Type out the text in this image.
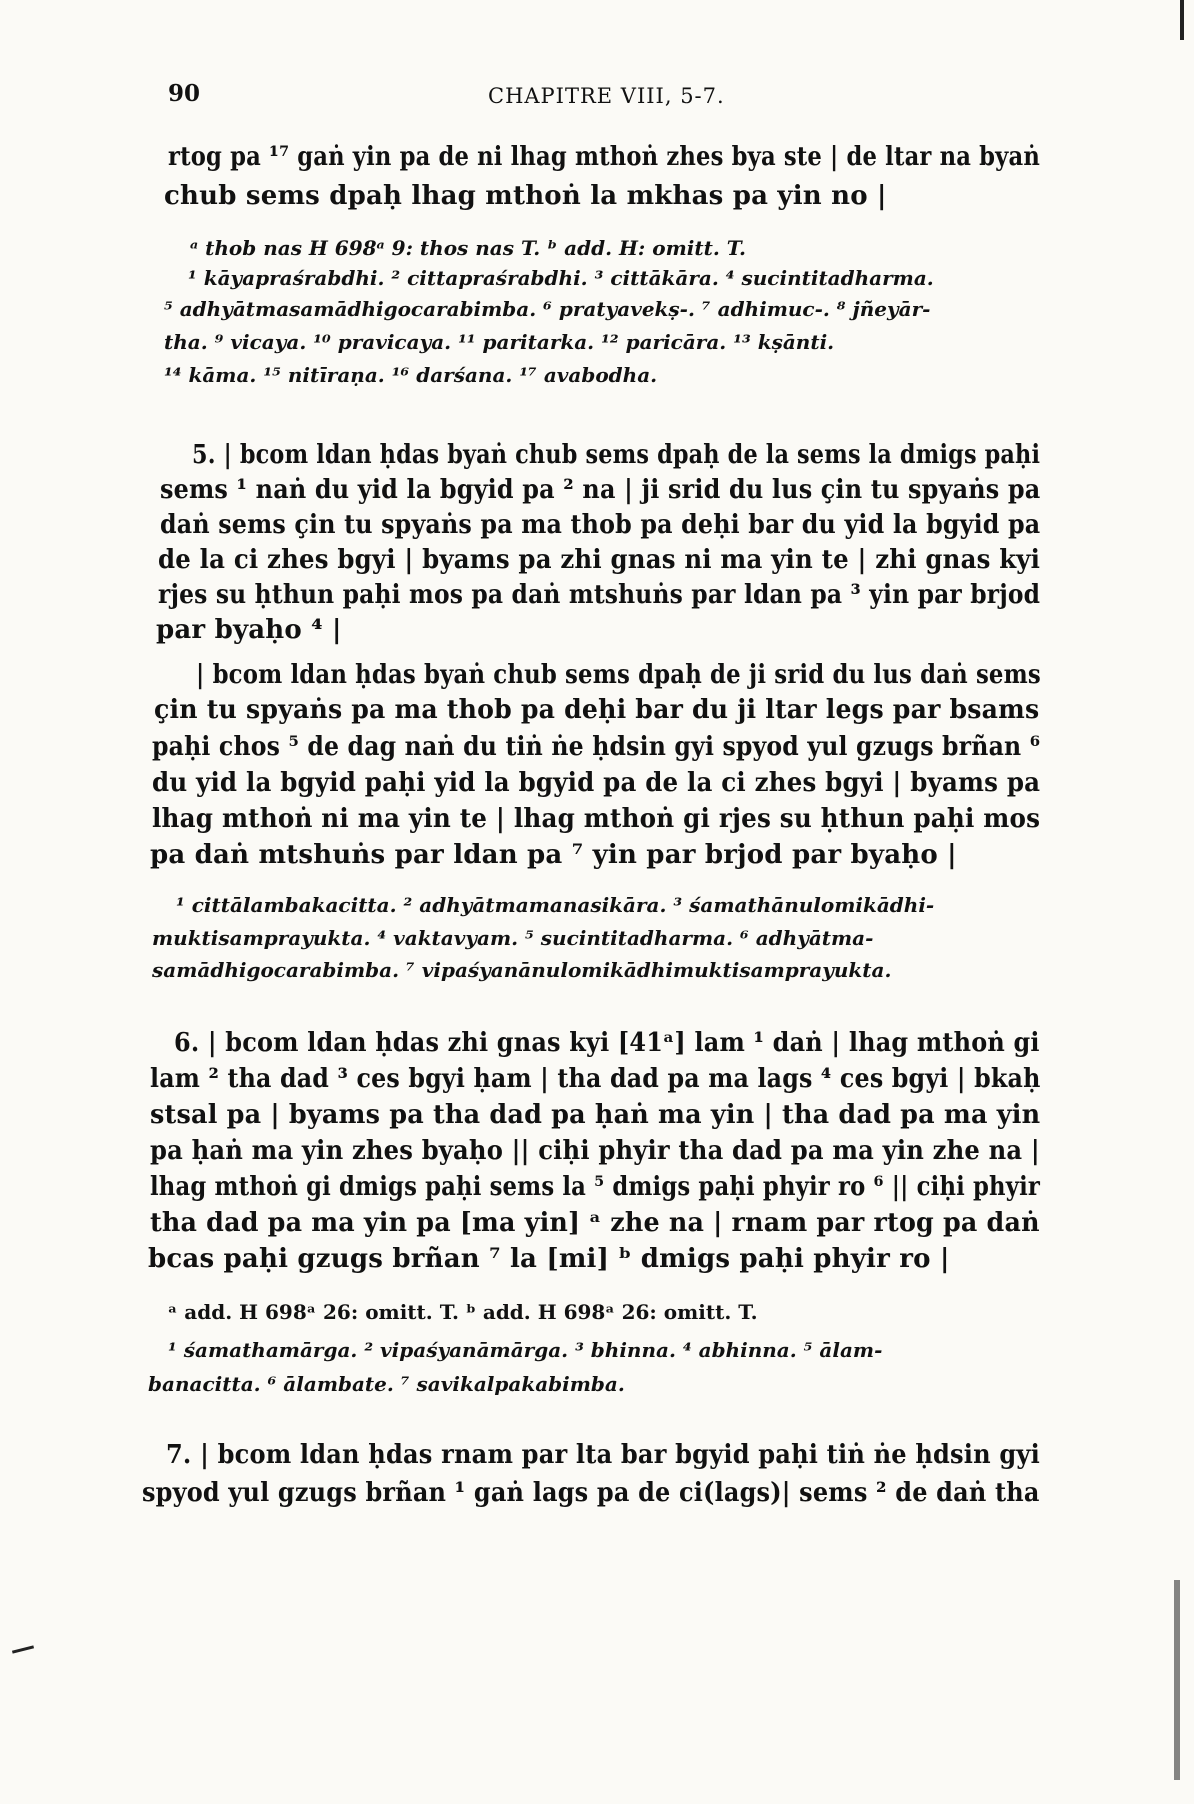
90	CHAPITRE VIII, 5-7.
rtog pa ¹⁷ gaṅ yin pa de ni lhag mthoṅ zhes bya ste | de ltar na byaṅ
chub sems dpaḥ lhag mthoṅ la mkhas pa yin no |
ᵃ thob nas H 698ᵃ 9: thos nas T. ᵇ add. H: omitt. T.
¹ kāyapraśrabdhi. ² cittapraśrabdhi. ³ cittākāra. ⁴ sucintitadharma.
⁵ adhyātmasamādhigocarabimba. ⁶ pratyavekṣ-. ⁷ adhimuc-. ⁸ jñeyār-
tha. ⁹ vicaya. ¹⁰ pravicaya. ¹¹ paritarka. ¹² paricāra. ¹³ kṣānti.
¹⁴ kāma. ¹⁵ nitīraṇa. ¹⁶ darśana. ¹⁷ avabodha.
5. | bcom ldan ḥdas byaṅ chub sems dpaḥ de la sems la dmigs paḥi
sems ¹ naṅ du yid la bgyid pa ² na | ji srid du lus çin tu spyaṅs pa
daṅ sems çin tu spyaṅs pa ma thob pa deḥi bar du yid la bgyid pa
de la ci zhes bgyi | byams pa zhi gnas ni ma yin te | zhi gnas kyi
rjes su ḥthun paḥi mos pa daṅ mtshuṅs par ldan pa ³ yin par brjod
par byaḥo ⁴ |
| bcom ldan ḥdas byaṅ chub sems dpaḥ de ji srid du lus daṅ sems
çin tu spyaṅs pa ma thob pa deḥi bar du ji ltar legs par bsams
paḥi chos ⁵ de dag naṅ du tiṅ ṅe ḥdsin gyi spyod yul gzugs brñan ⁶
du yid la bgyid paḥi yid la bgyid pa de la ci zhes bgyi | byams pa
lhag mthoṅ ni ma yin te | lhag mthoṅ gi rjes su ḥthun paḥi mos
pa daṅ mtshuṅs par ldan pa ⁷ yin par brjod par byaḥo |
¹ cittālambakacitta. ² adhyātmamanasikāra. ³ śamathānulomikādhi-
muktisamprayukta. ⁴ vaktavyam. ⁵ sucintitadharma. ⁶ adhyātma-
samādhigocarabimba. ⁷ vipaśyanānulomikādhimuktisamprayukta.
6. | bcom ldan ḥdas zhi gnas kyi [41ᵃ] lam ¹ daṅ | lhag mthoṅ gi
lam ² tha dad ³ ces bgyi ḥam | tha dad pa ma lags ⁴ ces bgyi | bkaḥ
stsal pa | byams pa tha dad pa ḥaṅ ma yin | tha dad pa ma yin
pa ḥaṅ ma yin zhes byaḥo || ciḥi phyir tha dad pa ma yin zhe na |
lhag mthoṅ gi dmigs paḥi sems la ⁵ dmigs paḥi phyir ro ⁶ || ciḥi phyir
tha dad pa ma yin pa [ma yin] ᵃ zhe na | rnam par rtog pa daṅ
bcas paḥi gzugs brñan ⁷ la [mi] ᵇ dmigs paḥi phyir ro |
ᵃ add. H 698ᵃ 26: omitt. T. ᵇ add. H 698ᵃ 26: omitt. T.
¹ śamathamārga. ² vipaśyanāmārga. ³ bhinna. ⁴ abhinna. ⁵ ālam-
banacitta. ⁶ ālambate. ⁷ savikalpakabimba.
7. | bcom ldan ḥdas rnam par lta bar bgyid paḥi tiṅ ṅe ḥdsin gyi
spyod yul gzugs brñan ¹ gaṅ lags pa de ci(lags)| sems ² de daṅ tha
